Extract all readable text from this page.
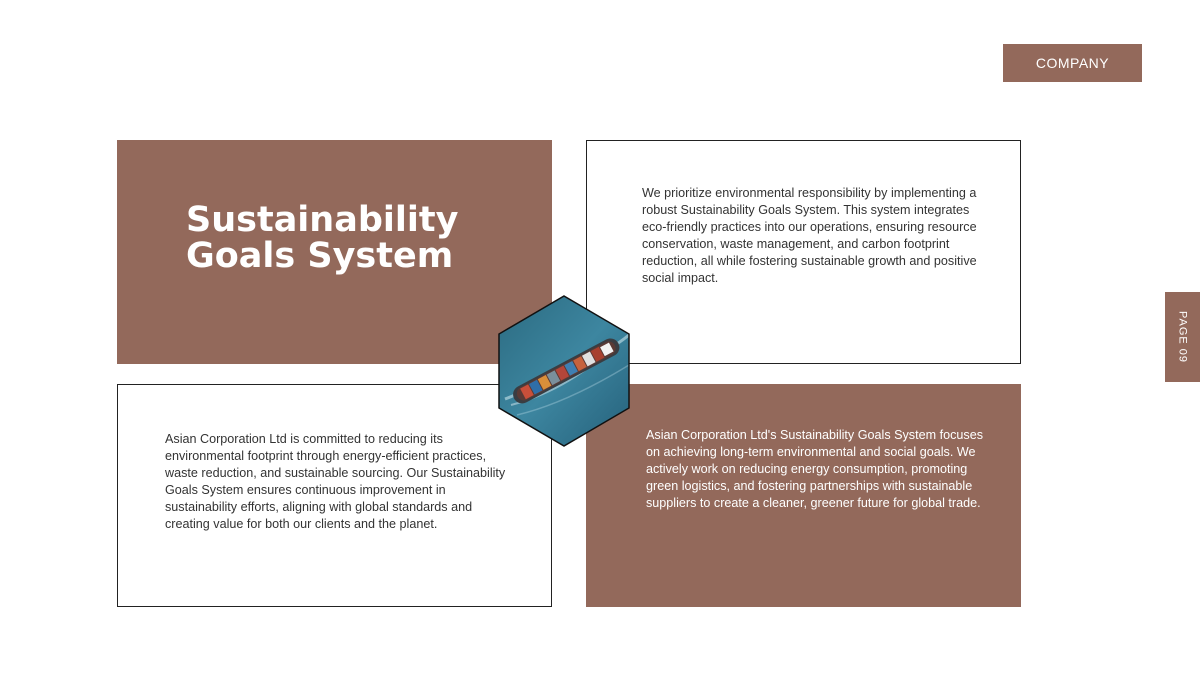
COMPANY
Sustainability Goals System

We prioritize environmental responsibility by implementing a robust Sustainability Goals System. This system integrates eco-friendly practices into our operations, ensuring resource conservation, waste management, and carbon footprint reduction, all while fostering sustainable growth and positive social impact.

Asian Corporation Ltd is committed to reducing its environmental footprint through energy-efficient practices, waste reduction, and sustainable sourcing. Our Sustainability Goals System ensures continuous improvement in sustainability efforts, aligning with global standards and creating value for both our clients and the planet.

Asian Corporation Ltd's Sustainability Goals System focuses on achieving long-term environmental and social goals. We actively work on reducing energy consumption, promoting green logistics, and fostering partnerships with sustainable suppliers to create a cleaner, greener future for global trade.

PAGE 09
